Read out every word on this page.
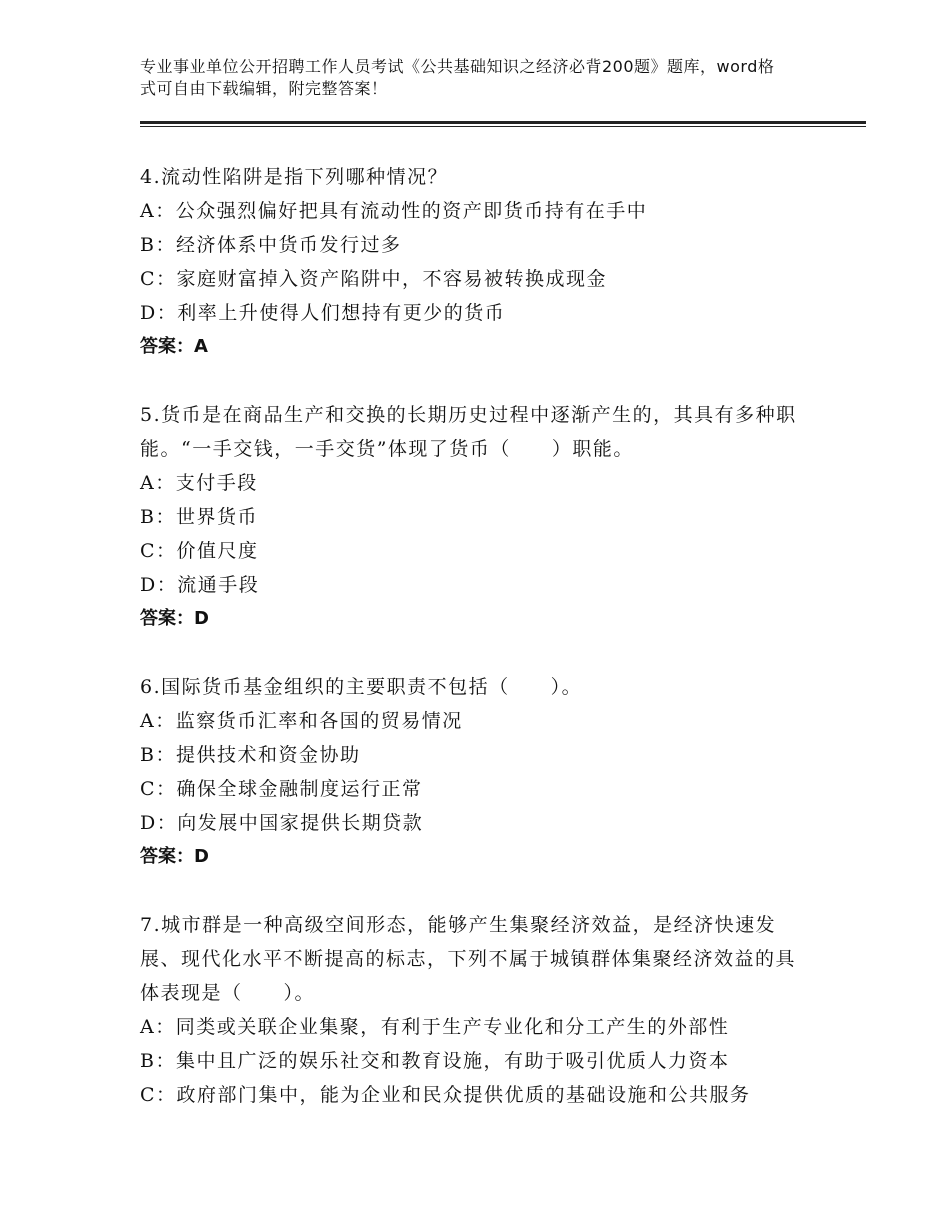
专业事业单位公开招聘工作人员考试《公共基础知识之经济必背200题》题库，word格式可自由下载编辑，附完整答案！
4.流动性陷阱是指下列哪种情况？
A：公众强烈偏好把具有流动性的资产即货币持有在手中
B：经济体系中货币发行过多
C：家庭财富掉入资产陷阱中，不容易被转换成现金
D：利率上升使得人们想持有更少的货币
答案：A
5.货币是在商品生产和交换的长期历史过程中逐渐产生的，其具有多种职能。“一手交钱，一手交货”体现了货币（　　）职能。
A：支付手段
B：世界货币
C：价值尺度
D：流通手段
答案：D
6.国际货币基金组织的主要职责不包括（　　）。
A：监察货币汇率和各国的贸易情况
B：提供技术和资金协助
C：确保全球金融制度运行正常
D：向发展中国家提供长期贷款
答案：D
7.城市群是一种高级空间形态，能够产生集聚经济效益，是经济快速发展、现代化水平不断提高的标志，下列不属于城镇群体集聚经济效益的具体表现是（　　）。
A：同类或关联企业集聚，有利于生产专业化和分工产生的外部性
B：集中且广泛的娱乐社交和教育设施，有助于吸引优质人力资本
C：政府部门集中，能为企业和民众提供优质的基础设施和公共服务
